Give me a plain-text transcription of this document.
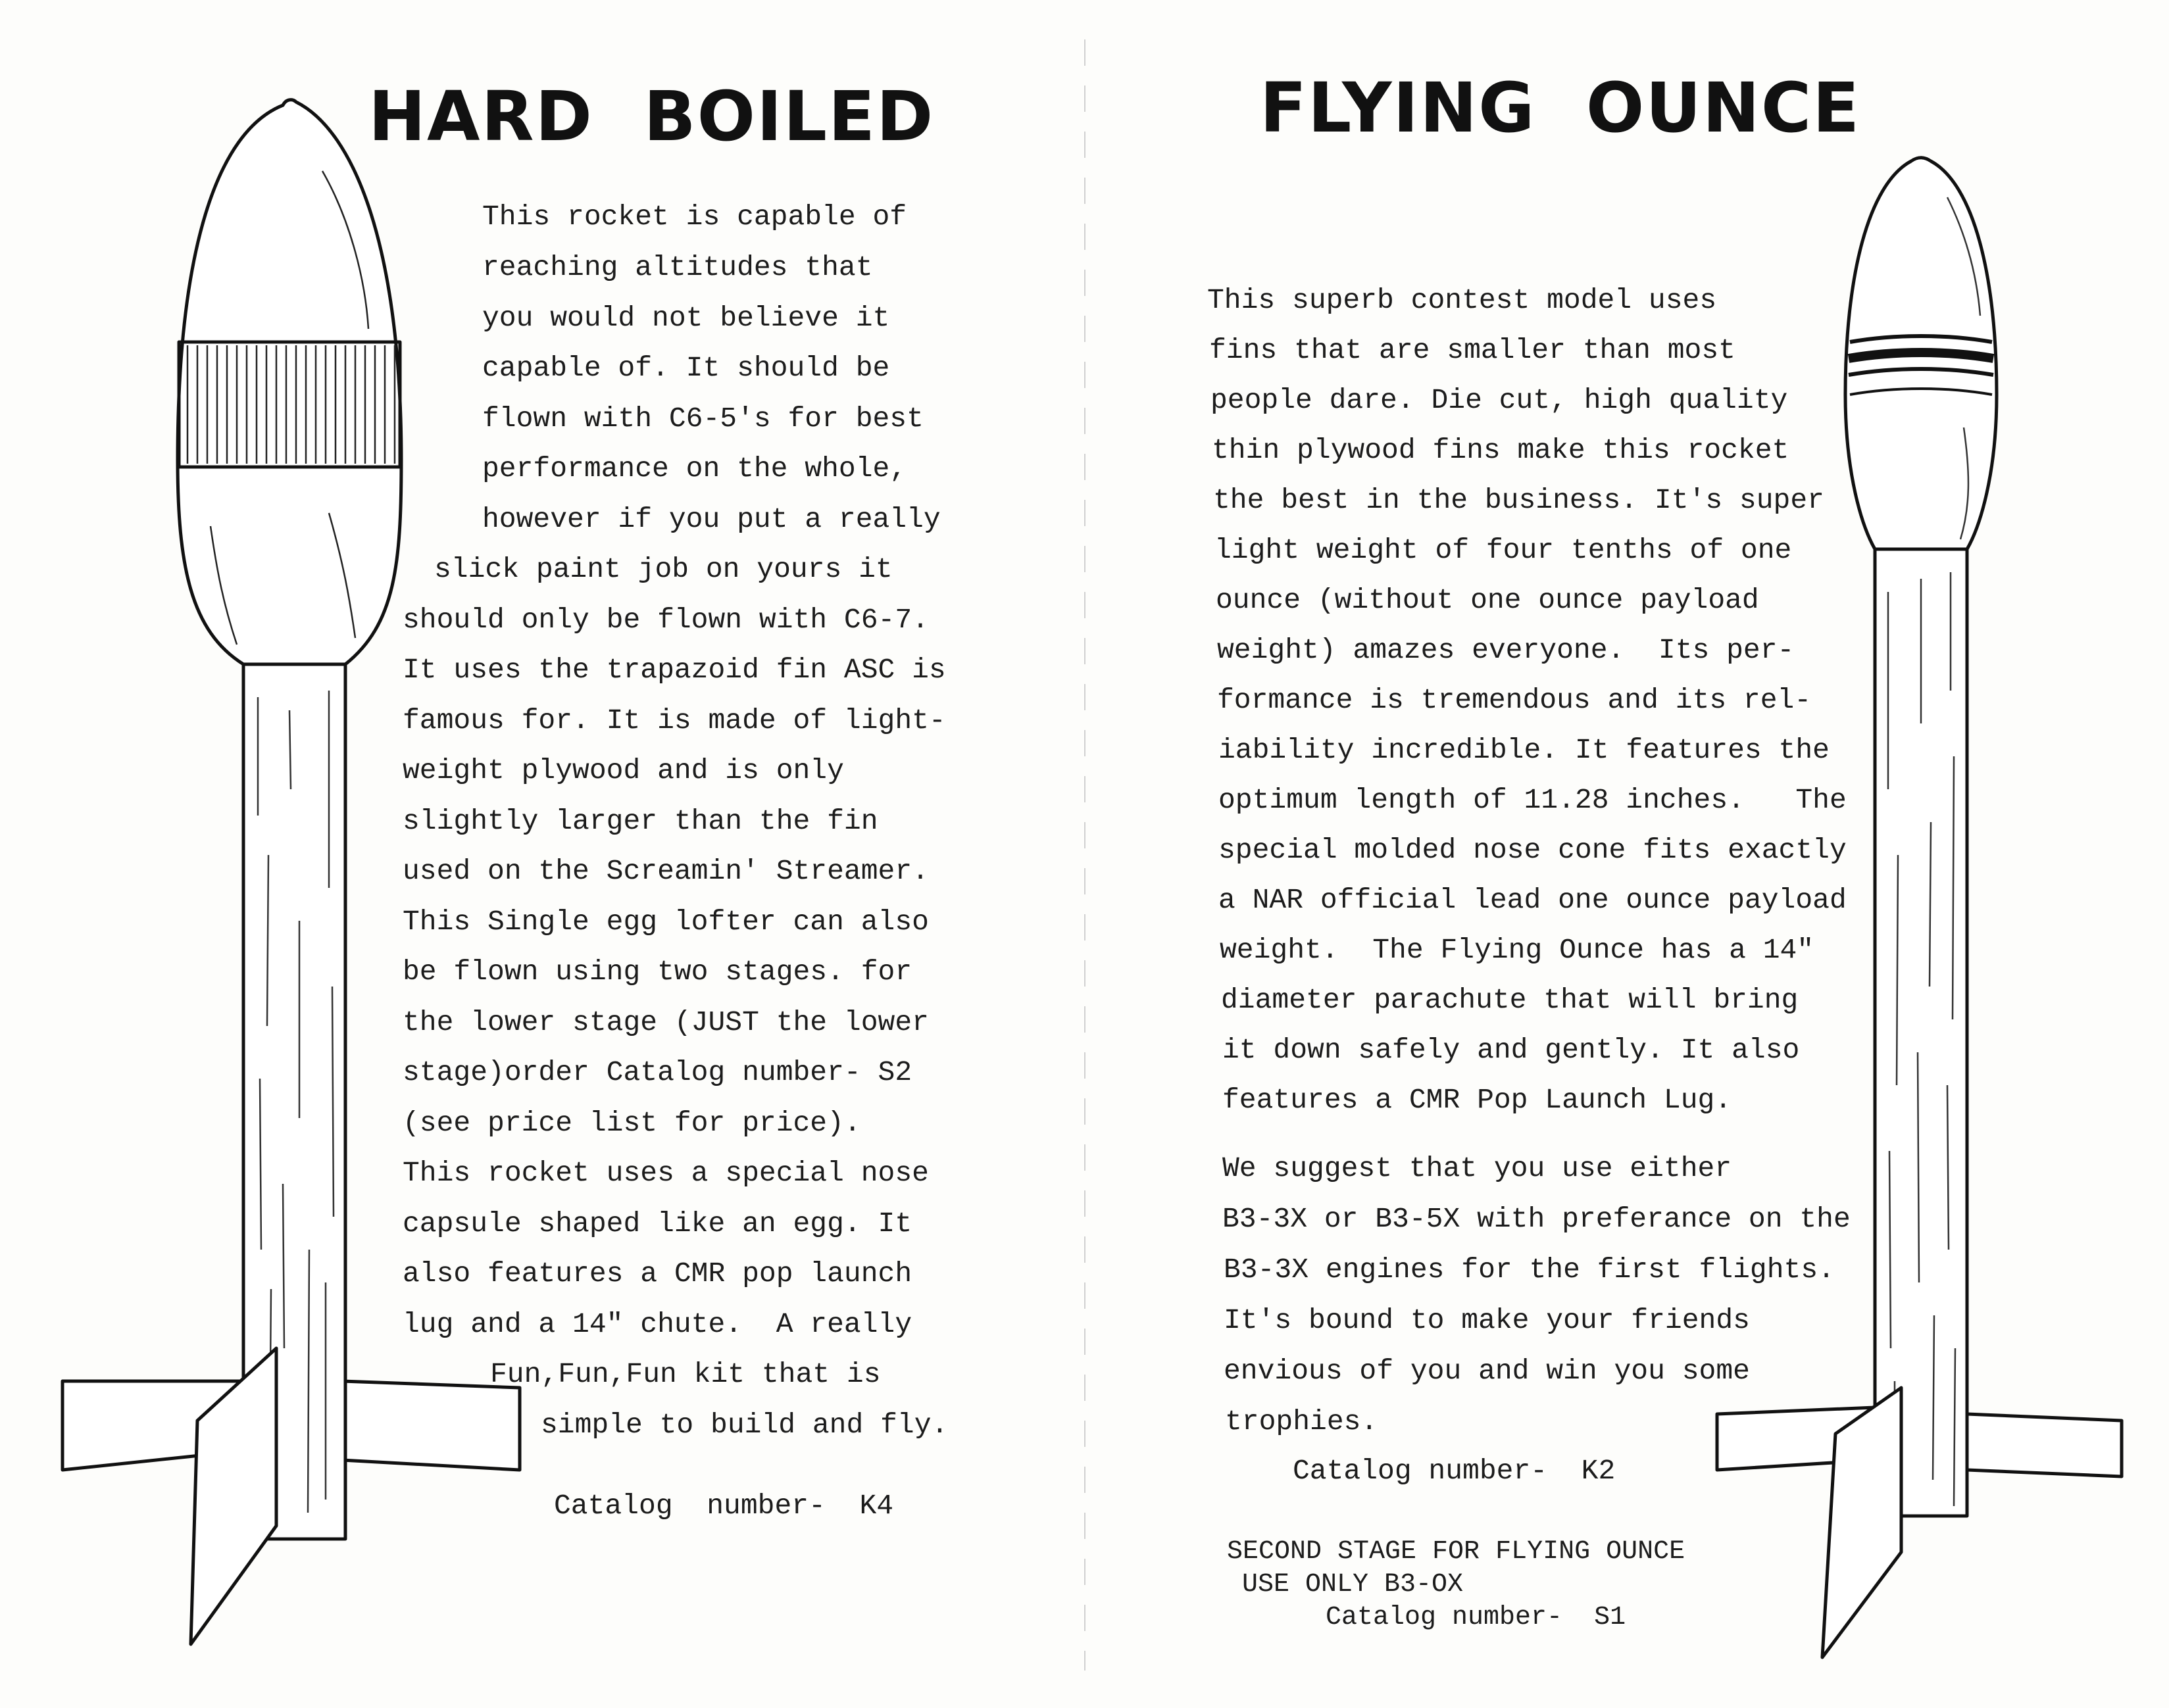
HARD  BOILED	FLYING  OUNCE

This rocket is capable of

reaching altitudes that

you would not believe it

capable of. It should be

flown with C6-5's for best

performance on the whole,

however if you put a really

slick paint job on yours it

should only be flown with C6-7.

It uses the trapazoid fin ASC is

famous for. It is made of light-

weight plywood and is only

slightly larger than the fin

used on the Screamin' Streamer.

This Single egg lofter can also

be flown using two stages. for

the lower stage (JUST the lower

stage)order Catalog number- S2

(see price list for price).

This rocket uses a special nose

capsule shaped like an egg. It

also features a CMR pop launch

lug and a 14" chute.  A really

Fun,Fun,Fun kit that is

simple to build and fly.

Catalog  number-  K4

This superb contest model uses

fins that are smaller than most

people dare. Die cut, high quality

thin plywood fins make this rocket

the best in the business. It's super

light weight of four tenths of one

ounce (without one ounce payload

weight) amazes everyone.  Its per-

formance is tremendous and its rel-

iability incredible. It features the

optimum length of 11.28 inches.   The

special molded nose cone fits exactly

a NAR official lead one ounce payload

weight.  The Flying Ounce has a 14"

diameter parachute that will bring

it down safely and gently. It also

features a CMR Pop Launch Lug.

We suggest that you use either

B3-3X or B3-5X with preferance on the

B3-3X engines for the first flights.

It's bound to make your friends

envious of you and win you some

trophies.

Catalog number-  K2

SECOND STAGE FOR FLYING OUNCE

USE ONLY B3-OX

Catalog number-  S1
